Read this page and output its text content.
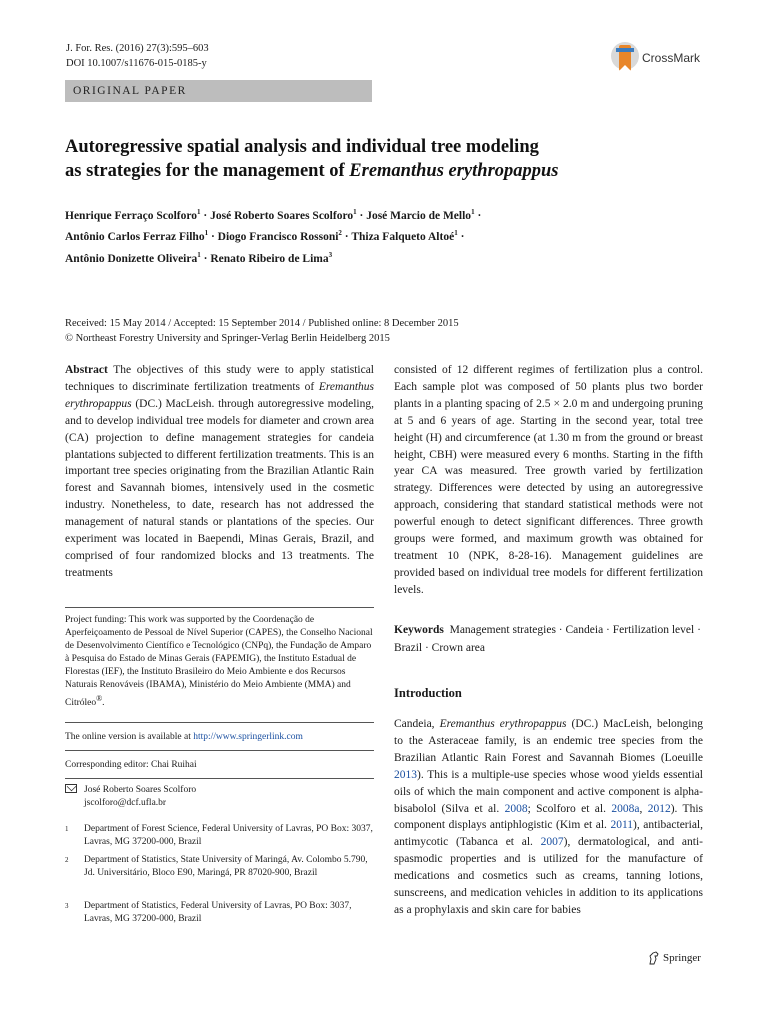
J. For. Res. (2016) 27(3):595–603
DOI 10.1007/s11676-015-0185-y	CrossMark
ORIGINAL PAPER
Autoregressive spatial analysis and individual tree modeling
as strategies for the management of Eremanthus erythropappus
Henrique Ferraço Scolforo$^1$ · José Roberto Soares Scolforo$^1$ · José Marcio de Mello$^1$ ·
Antônio Carlos Ferraz Filho$^1$ · Diogo Francisco Rossoni$^2$ · Thiza Falqueto Altoé$^1$ ·
Antônio Donizette Oliveira$^1$ · Renato Ribeiro de Lima$^3$
Received: 15 May 2014 / Accepted: 15 September 2014 / Published online: 8 December 2015
© Northeast Forestry University and Springer-Verlag Berlin Heidelberg 2015

Abstract The objectives of this study were to apply statistical techniques to discriminate fertilization treatments of Eremanthus erythropappus (DC.) MacLeish. through autoregressive modeling, and to develop individual tree models for diameter and crown area (CA) projection to define management strategies for candeia plantations subjected to different fertilization treatments. This is an important tree species originating from the Brazilian Atlantic Rain forest and Savannah biomes, intensively used in the cosmetic industry. Nonetheless, to date, research has not addressed the management of natural stands or plantations of the species. Our experiment was located in Baependi, Minas Gerais, Brazil, and comprised of four randomized blocks and 13 treatments. The treatments

consisted of 12 different regimes of fertilization plus a control. Each sample plot was composed of 50 plants plus two border plants in a planting spacing of 2.5 × 2.0 m and undergoing pruning at 5 and 6 years of age. Starting in the second year, total tree height (H) and circumference (at 1.30 m from the ground or breast height, CBH) were measured every 6 months. Starting in the fifth year CA was measured. Tree growth varied by fertilization strategy. Differences were detected by using an autoregressive approach, considering that standard statistical methods were not powerful enough to detect significant differences. Three growth groups were formed, and maximum growth was obtained for treatment 10 (NPK, 8-28-16). Management guidelines are provided based on individual tree models for different fertilization levels.

Project funding: This work was supported by the Coordenação de Aperfeiçoamento de Pessoal de Nível Superior (CAPES), the Conselho Nacional de Desenvolvimento Científico e Tecnológico (CNPq), the Fundação de Amparo à Pesquisa do Estado de Minas Gerais (FAPEMIG), the Instituto Estadual de Florestas (IEF), the Instituto Brasileiro do Meio Ambiente e dos Recursos Naturais Renováveis (IBAMA), Ministério do Meio Ambiente (MMA) and Citróleo®.
The online version is available at http://www.springerlink.com
Corresponding editor: Chai Ruihai
José Roberto Soares Scolforo
jscolforo@dcf.ufla.br
1	Department of Forest Science, Federal University of Lavras, PO Box: 3037, Lavras, MG 37200-000, Brazil
2	Department of Statistics, State University of Maringá, Av. Colombo 5.790, Jd. Universitário, Bloco E90, Maringá, PR 87020-900, Brazil
3	Department of Statistics, Federal University of Lavras, PO Box: 3037, Lavras, MG 37200-000, Brazil
Keywords Management strategies · Candeia · Fertilization level · Brazil · Crown area
Introduction

Candeia, Eremanthus erythropappus (DC.) MacLeish, belonging to the Asteraceae family, is an endemic tree species from the Brazilian Atlantic Rain Forest and Savannah Biomes (Loeuille 2013). This is a multiple-use species whose wood yields essential oils of which the main component and active component is alpha-bisabolol (Silva et al. 2008; Scolforo et al. 2008a, 2012). This component displays antiphlogistic (Kim et al. 2011), antibacterial, antimycotic (Tabanca et al. 2007), dermatological, and anti-spasmodic properties and is utilized for the manufacture of medications and cosmetics such as creams, tanning lotions, sunscreens, and medication vehicles in addition to its applications as a prophylaxis and skin care for babies

Springer
